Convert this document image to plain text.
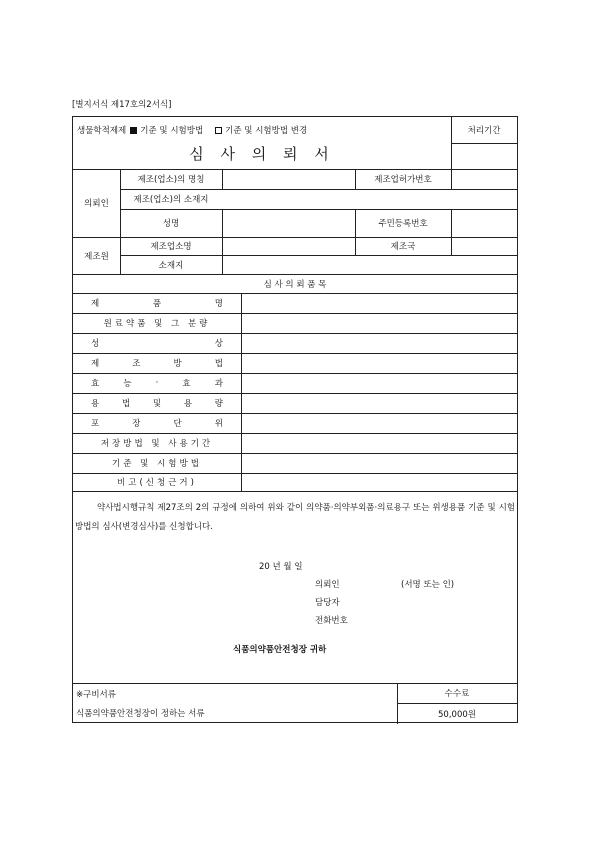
[별지서식 제17호의2서식]
생물학적제제 기준 및 시험방법	기준 및 시험방법 변경
심 사 의 뢰 서
처리기간
의뢰인
제조(업소)의 명칭	제조업허가번호
제조(업소)의 소재지
성명	주민등록번호
제조원
제조업소명	제조국
소재지
심 사 의 뢰 품 목
제	품	명
원료약품 및 그 분량
성	상
제	조	방	법
효	능	·	효	과
용	법	및	용	량
포	장	단	위
저장방법 및 사용기간
기준 및 시험방법
비고(신청근거)
약사법시행규칙 제27조의 2의 규정에 의하여 위와 같이 의약품·의약부외품·의료용구 또는 위생용품 기준 및 시험방법의 심사(변경심사)를 신청합니다.
20 년 월 일
의뢰인	(서명 또는 인)
담당자
전화번호
식품의약품안전청장 귀하
※구비서류
식품의약품안전청장이 정하는 서류
수수료
50,000원
